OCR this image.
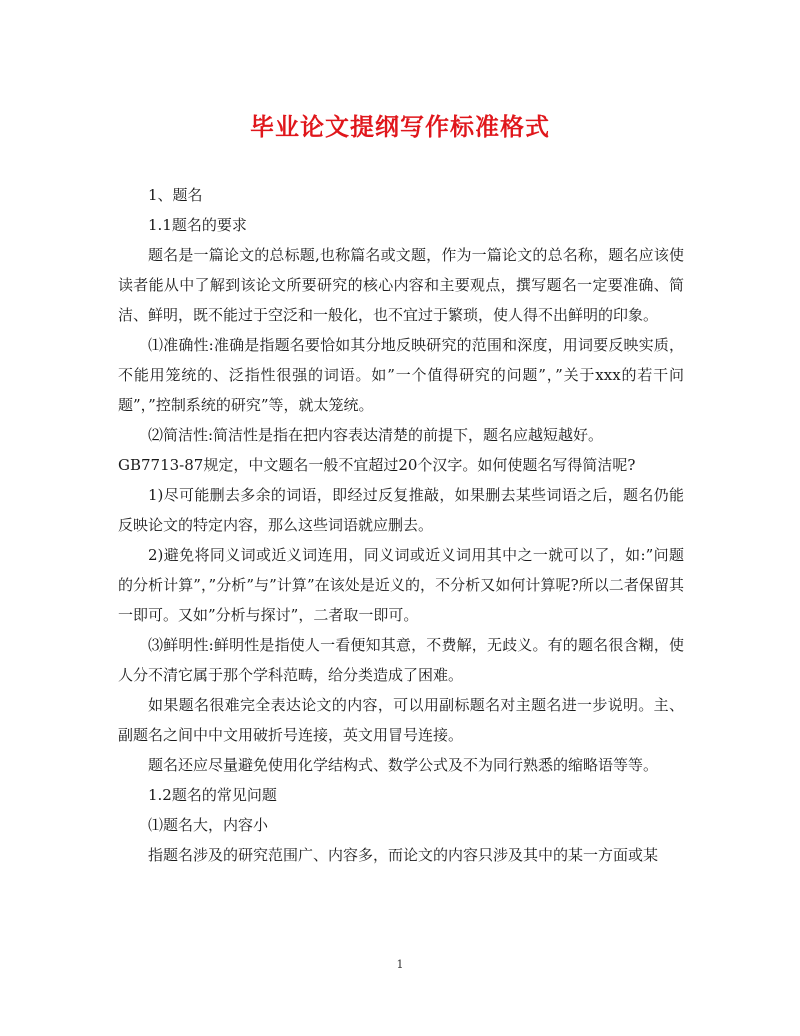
毕业论文提纲写作标准格式

1、题名

1.1题名的要求

题名是一篇论文的总标题,也称篇名或文题，作为一篇论文的总名称，题名应该使读者能从中了解到该论文所要研究的核心内容和主要观点，撰写题名一定要准确、简洁、鲜明，既不能过于空泛和一般化，也不宜过于繁琐，使人得不出鲜明的印象。

⑴准确性:准确是指题名要恰如其分地反映研究的范围和深度，用词要反映实质，不能用笼统的、泛指性很强的词语。如”一个值得研究的问题”，”关于xxx的若干问题”，”控制系统的研究”等，就太笼统。

⑵简洁性:简洁性是指在把内容表达清楚的前提下，题名应越短越好。

GB7713-87规定，中文题名一般不宜超过20个汉字。如何使题名写得简洁呢?

1)尽可能删去多余的词语，即经过反复推敲，如果删去某些词语之后，题名仍能反映论文的特定内容，那么这些词语就应删去。

2)避免将同义词或近义词连用，同义词或近义词用其中之一就可以了，如:”问题的分析计算”，”分析”与”计算”在该处是近义的，不分析又如何计算呢?所以二者保留其一即可。又如”分析与探讨”，二者取一即可。

⑶鲜明性:鲜明性是指使人一看便知其意，不费解，无歧义。有的题名很含糊，使人分不清它属于那个学科范畴，给分类造成了困难。

如果题名很难完全表达论文的内容，可以用副标题名对主题名进一步说明。主、副题名之间中中文用破折号连接，英文用冒号连接。

题名还应尽量避免使用化学结构式、数学公式及不为同行熟悉的缩略语等等。

1.2题名的常见问题

⑴题名大，内容小

指题名涉及的研究范围广、内容多，而论文的内容只涉及其中的某一方面或某

1
